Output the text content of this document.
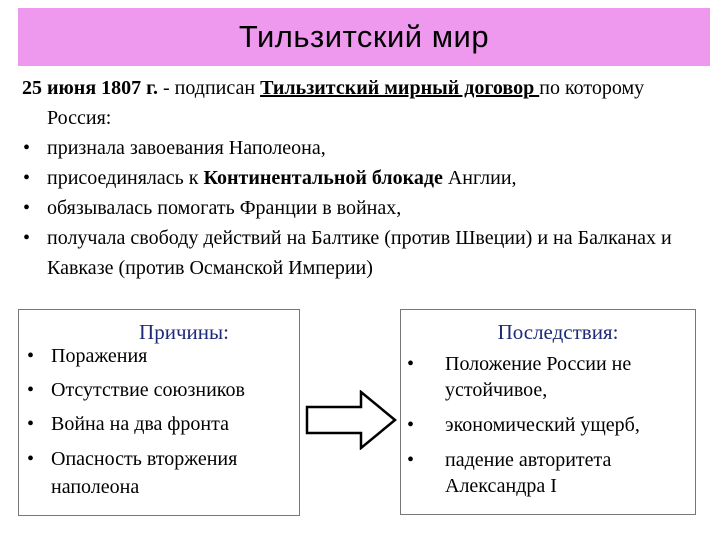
Тильзитский мир

25 июня 1807 г. - подписан Тильзитский мирный договор по которому Россия:

• признала завоевания Наполеона,
• присоединялась к Континентальной блокаде Англии,
• обязывалась помогать Франции в войнах,
• получала свободу действий на Балтике (против Швеции) и на Балканах и Кавказе (против Османской Империи)
Причины:
• Поражения
• Отсутствие союзников
• Война на два фронта
• Опасность вторжения наполеона
Последствия:
• Положение России не устойчивое,
• экономический ущерб,
• падение авторитета Александра I
